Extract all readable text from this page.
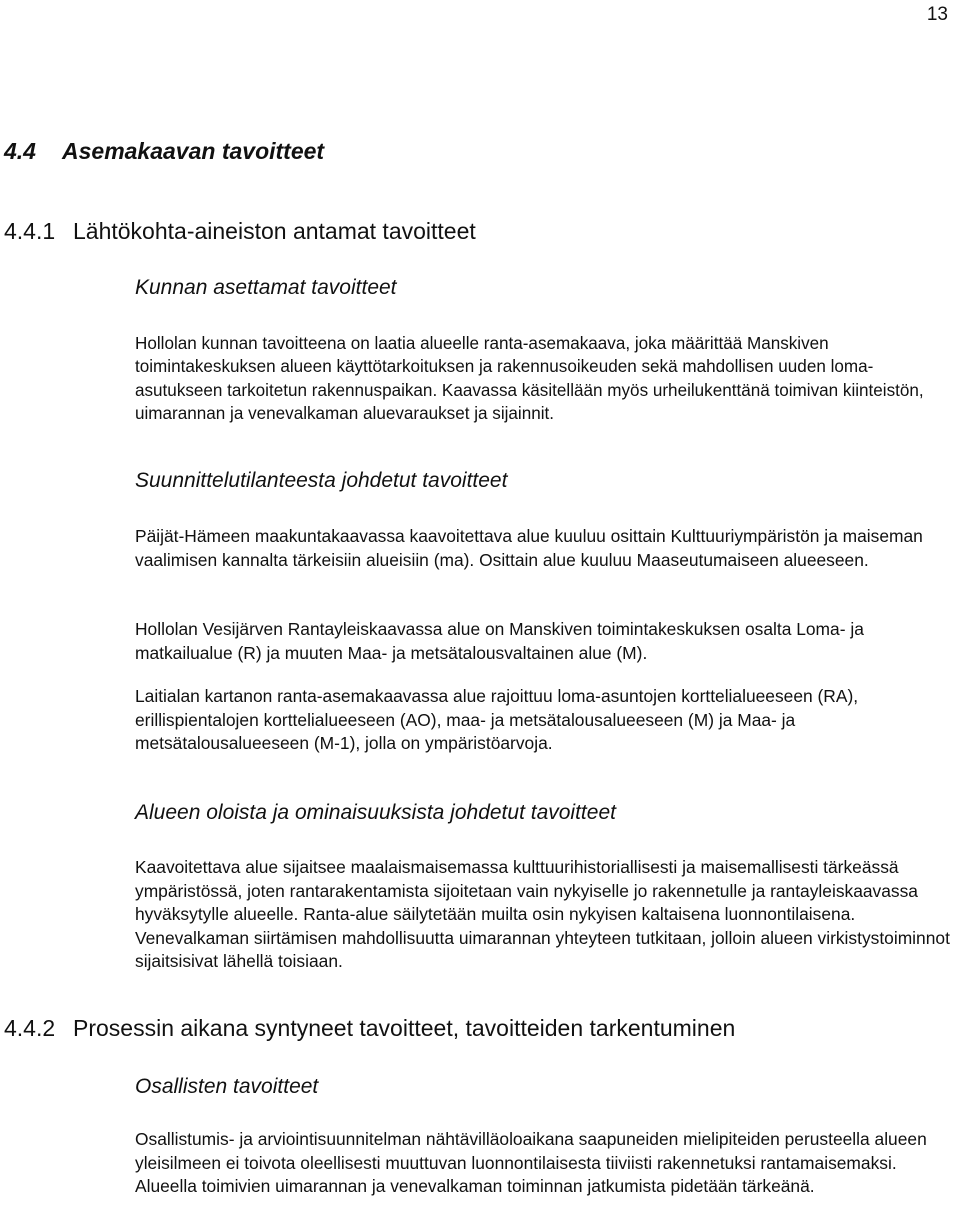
13
4.4 Asemakaavan tavoitteet
4.4.1 Lähtökohta-aineiston antamat tavoitteet
Kunnan asettamat tavoitteet
Hollolan kunnan tavoitteena on laatia alueelle ranta-asemakaava, joka määrittää Manskiven toimintakeskuksen alueen käyttötarkoituksen ja rakennusoikeuden sekä mahdollisen uuden loma-asutukseen tarkoitetun rakennuspaikan. Kaavassa käsitellään myös urheilukenttänä toimivan kiinteistön, uimarannan ja venevalkaman aluevaraukset ja sijainnit.
Suunnittelutilanteesta johdetut tavoitteet
Päijät-Hämeen maakuntakaavassa kaavoitettava alue kuuluu osittain Kulttuuriympäristön ja maiseman vaalimisen kannalta tärkeisiin alueisiin (ma). Osittain alue kuuluu Maaseutumaiseen alueeseen.
Hollolan Vesijärven Rantayleiskaavassa alue on Manskiven toimintakeskuksen osalta Loma- ja matkailualue (R) ja muuten Maa- ja metsätalousvaltainen alue (M).
Laitialan kartanon ranta-asemakaavassa alue rajoittuu loma-asuntojen korttelialueeseen (RA), erillispientalojen korttelialueeseen (AO), maa- ja metsätalousalueeseen (M) ja Maa- ja metsätalousalueeseen (M-1), jolla on ympäristöarvoja.
Alueen oloista ja ominaisuuksista johdetut tavoitteet
Kaavoitettava alue sijaitsee maalaismaisemassa kulttuurihistoriallisesti ja maisemallisesti tärkeässä ympäristössä, joten rantarakentamista sijoitetaan vain nykyiselle jo rakennetulle ja rantayleiskaavassa hyväksytylle alueelle. Ranta-alue säilytetään muilta osin nykyisen kaltaisena luonnontilaisena. Venevalkaman siirtämisen mahdollisuutta uimarannan yhteyteen tutkitaan, jolloin alueen virkistystoiminnot sijaitsisivat lähellä toisiaan.
4.4.2 Prosessin aikana syntyneet tavoitteet, tavoitteiden tarkentuminen
Osallisten tavoitteet
Osallistumis- ja arviointisuunnitelman nähtävilläoloaikana saapuneiden mielipiteiden perusteella alueen yleisilmeen ei toivota oleellisesti muuttuvan luonnontilaisesta tiiviisti rakennetuksi rantamaisemaksi. Alueella toimivien uimarannan ja venevalkaman toiminnan jatkumista pidetään tärkeänä.
